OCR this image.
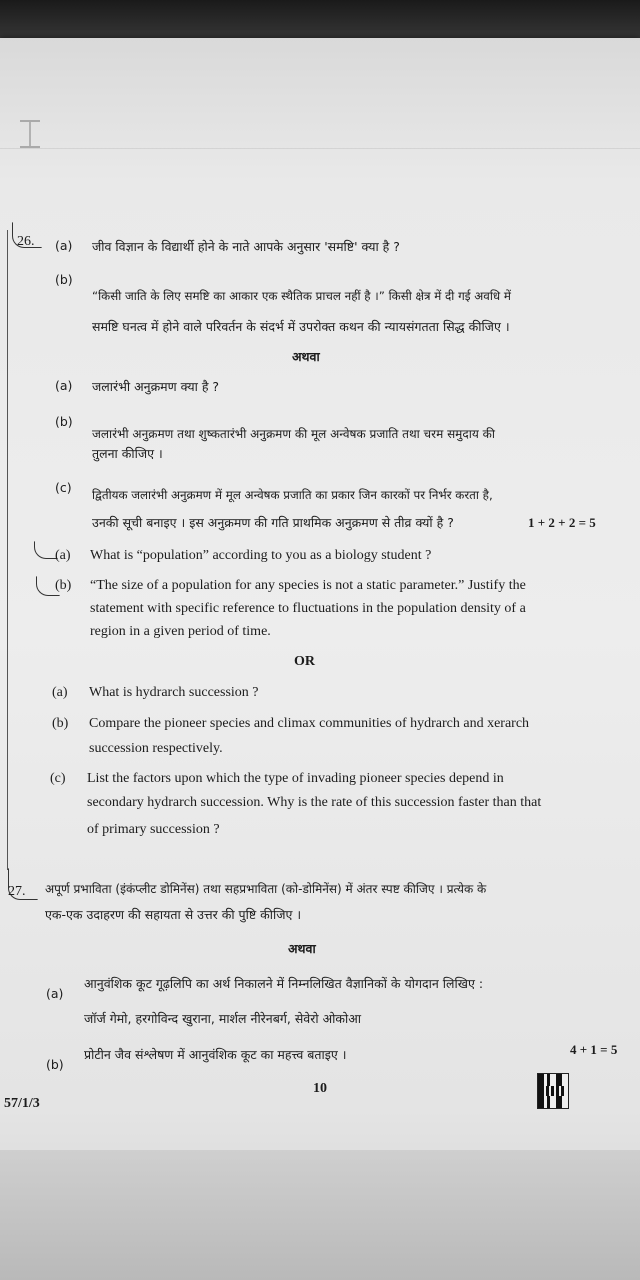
⌶
26. (a) जीव विज्ञान के विद्यार्थी होने के नाते आपके अनुसार 'समष्टि' क्या है ?
(b)
“किसी जाति के लिए समष्टि का आकार एक स्थैतिक प्राचल नहीं है ।” किसी क्षेत्र में दी गई अवधि में
समष्टि घनत्व में होने वाले परिवर्तन के संदर्भ में उपरोक्त कथन की न्यायसंगतता सिद्ध कीजिए ।
अथवा
(a) जलारंभी अनुक्रमण क्या है ?
(b)
जलारंभी अनुक्रमण तथा शुष्कतारंभी अनुक्रमण की मूल अन्वेषक प्रजाति तथा चरम समुदाय की
तुलना कीजिए ।
(c) द्वितीयक जलारंभी अनुक्रमण में मूल अन्वेषक प्रजाति का प्रकार जिन कारकों पर निर्भर करता है,
उनकी सूची बनाइए । इस अनुक्रमण की गति प्राथमिक अनुक्रमण से तीव्र क्यों है ?	1 + 2 + 2 = 5
(a) What is “population” according to you as a biology student ?
(b) “The size of a population for any species is not a static parameter.” Justify the
statement with specific reference to fluctuations in the population density of a
region in a given period of time.
OR
(a) What is hydrarch succession ?
(b) Compare the pioneer species and climax communities of hydrarch and xerarch
succession respectively.
(c) List the factors upon which the type of invading pioneer species depend in
secondary hydrarch succession. Why is the rate of this succession faster than that
of primary succession ?
27. अपूर्ण प्रभाविता (इंकंप्लीट डोमिनेंस) तथा सहप्रभाविता (को-डोमिनेंस) में अंतर स्पष्ट कीजिए । प्रत्येक के
एक-एक उदाहरण की सहायता से उत्तर की पुष्टि कीजिए ।
अथवा
(a)
आनुवंशिक कूट गूढ़लिपि का अर्थ निकालने में निम्नलिखित वैज्ञानिकों के योगदान लिखिए :
जॉर्ज गेमो, हरगोविन्द खुराना, मार्शल नीरेनबर्ग, सेवेरो ओकोआ
(b)
प्रोटीन जैव संश्लेषण में आनुवंशिक कूट का महत्त्व बताइए ।	4 + 1 = 5
10
57/1/3
